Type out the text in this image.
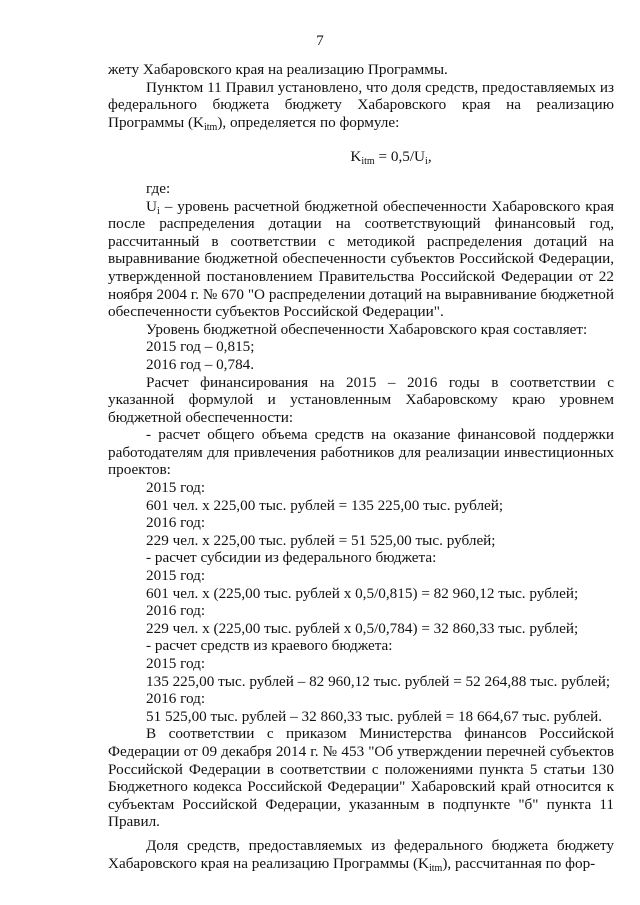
7

жету Хабаровского края на реализацию Программы.

Пунктом 11 Правил установлено, что доля средств, предоставляемых из федерального бюджета бюджету Хабаровского края на реализацию Программы $(K_{itm})$, определяется по формуле:

$K_{itm} = 0,5/U_i$,

где:

$U_i$ – уровень расчетной бюджетной обеспеченности Хабаровского края после распределения дотации на соответствующий финансовый год, рассчитанный в соответствии с методикой распределения дотаций на выравнивание бюджетной обеспеченности субъектов Российской Федерации, утвержденной постановлением Правительства Российской Федерации от 22 ноября 2004 г. № 670 "О распределении дотаций на выравнивание бюджетной обеспеченности субъектов Российской Федерации".

Уровень бюджетной обеспеченности Хабаровского края составляет:

2015 год – 0,815;

2016 год – 0,784.

Расчет финансирования на 2015 – 2016 годы в соответствии с указанной формулой и установленным Хабаровскому краю уровнем бюджетной обеспеченности:

- расчет общего объема средств на оказание финансовой поддержки работодателям для привлечения работников для реализации инвестиционных проектов:

2015 год:

601 чел. х 225,00 тыс. рублей = 135 225,00 тыс. рублей;

2016 год:

229 чел. х 225,00 тыс. рублей = 51 525,00 тыс. рублей;

- расчет субсидии из федерального бюджета:

2015 год:

601 чел. х (225,00 тыс. рублей х 0,5/0,815) = 82 960,12 тыс. рублей;

2016 год:

229 чел. х (225,00 тыс. рублей х 0,5/0,784) = 32 860,33 тыс. рублей;

- расчет средств из краевого бюджета:

2015 год:

135 225,00 тыс. рублей – 82 960,12 тыс. рублей = 52 264,88 тыс. рублей;

2016 год:

51 525,00 тыс. рублей – 32 860,33 тыс. рублей = 18 664,67 тыс. рублей.

В соответствии с приказом Министерства финансов Российской Федерации от 09 декабря 2014 г. № 453 "Об утверждении перечней субъектов Российской Федерации в соответствии с положениями пункта 5 статьи 130 Бюджетного кодекса Российской Федерации" Хабаровский край относится к субъектам Российской Федерации, указанным в подпункте "б" пункта 11 Правил.

Доля средств, предоставляемых из федерального бюджета бюджету Хабаровского края на реализацию Программы $(K_{itm})$, рассчитанная по фор-
